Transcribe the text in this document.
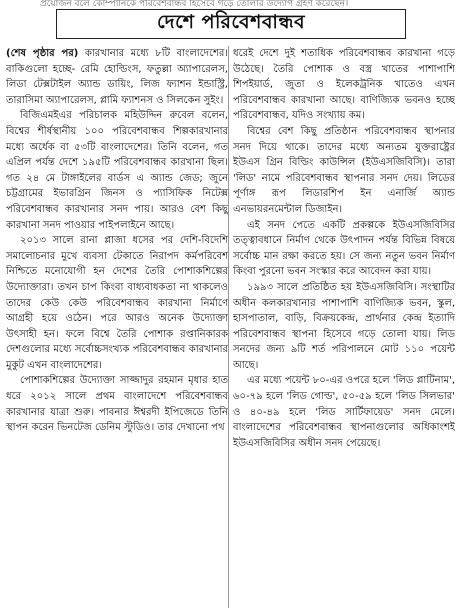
প্রয়োজন বলে কোম্পানিকে পরিবেশবান্ধব হিসেবে গড়ে তোলার উদ্যোগ গ্রহণ করেছেন।
দেশে পরিবেশবান্ধব

(শেষ পৃষ্ঠার পর) কারখানার মধ্যে ৮টি বাংলাদেশের। বাকিগুলো হচ্ছে- রেমি হোল্ডিংস, ফতুল্লা অ্যাপারেলস, লিডা টেক্সটাইল অ্যান্ড ডায়িং, লিজ ফ্যাশন ইন্ডাস্ট্রি, তারাসিমা অ্যাপারেলস, প্লামি ফ্যাশনস ও সিলকেন সুইং।

বিজিএমইএর পরিচালক মহিউদ্দিন রুবেল বলেন, বিশ্বের শীর্ষস্থানীয় ১০০ পরিবেশবান্ধব শিল্পকারখানার মধ্যে অর্ধেক বা ৫৩টি বাংলাদেশের। তিনি বলেন, গত এপ্রিল পর্যন্ত দেশে ১৯৫টি পরিবেশবান্ধব কারখানা ছিল। গত ২৪ মে টাঙ্গাইলের বার্ডস এ অ্যান্ড জেড; জুনে চট্টগ্রামের ইভারগ্রিন জিনস ও প্যাসিফিক নিটেক্স পরিবেশবান্ধব কারখানার সনদ পায়। আরও বেশ কিছু কারখানা সনদ পাওয়ার পাইপলাইনে আছে।

২০১৩ সালে রানা প্লাজা ধসের পর দেশি-বিদেশি সমালোচনার মুখে ব্যবসা টেকাতে নিরাপদ কর্মপরিবেশ নিশ্চিতে মনোযোগী হন দেশের তৈরি পোশাকশিল্পের উদ্যোক্তারা। তখন চাপ কিংবা বাধ্যবাধকতা না থাকলেও তাদের কেউ কেউ পরিবেশবান্ধব কারখানা নির্মাণে আগ্রহী হয়ে ওঠেন। পরে আরও অনেক উদ্যোক্তা উৎসাহী হন। ফলে বিশ্বে তৈরি পোশাক রপ্তানিকারক দেশগুলোর মধ্যে সর্বোচ্চসংখ্যক পরিবেশবান্ধব কারখানার মুকুট এখন বাংলাদেশের।

পোশাকশিল্পের উদ্যোক্তা সাজ্জাদুর রহমান মৃধার হাত ধরে ২০১২ সালে প্রথম বাংলাদেশে পরিবেশবান্ধব কারখানার যাত্রা শুরু। পাবনার ঈশ্বরদী ইপিজেডে তিনি স্থাপন করেন ভিনটেজ ডেনিম স্টুডিও। তার দেখানো পথ

ধরেই দেশে দুই শতাধিক পরিবেশবান্ধব কারখানা গড়ে উঠেছে। তৈরি পোশাক ও বস্ত্র খাতের পাশাপাশি শিপইয়ার্ড, জুতা ও ইলেকট্রনিক খাতেও এখন পরিবেশবান্ধব কারখানা আছে। বাণিজ্যিক ভবনও হচ্ছে পরিবেশবান্ধব, যদিও সংখ্যায় কম।

বিশ্বের বেশ কিছু প্রতিষ্ঠান পরিবেশবান্ধব স্থাপনার সনদ দিয়ে থাকে। তাদের মধ্যে অন্যতম যুক্তরাষ্ট্রের ইউএস গ্রিন বিল্ডিং কাউন্সিল (ইউএসজিবিসি)। তারা 'লিড' নামে পরিবেশবান্ধব স্থাপনার সনদ দেয়। লিডের পূর্ণাঙ্গ রূপ লিডারশিপ ইন এনার্জি অ্যান্ড এনভায়রনমেন্টাল ডিজাইন।

এই সনদ পেতে একটি প্রকল্পকে ইউএসজিবিসির তত্ত্বাবধানে নির্মাণ থেকে উৎপাদন পর্যন্ত বিভিন্ন বিষয়ে সর্বোচ্চ মান রক্ষা করতে হয়। সে জন্য নতুন ভবন নির্মাণ কিংবা পুরনো ভবন সংস্কার করে আবেদন করা যায়।

১৯৯৩ সালে প্রতিষ্ঠিত হয় ইউএসজিবিসি। সংস্থাটির অধীন কলকারখানার পাশাপাশি বাণিজ্যিক ভবন, স্কুল, হাসপাতাল, বাড়ি, বিক্রয়কেন্দ্র, প্রার্থনার কেন্দ্র ইত্যাদি পরিবেশবান্ধব স্থাপনা হিসেবে গড়ে তোলা যায়। লিড সনদের জন্য ৯টি শর্ত পরিপালনে মোট ১১০ পয়েন্ট আছে।

এর মধ্যে পয়েন্ট ৮০-এর ওপরে হলে 'লিড প্লাটিনাম', ৬০-৭৯ হলে 'লিড গোল্ড', ৫০-৫৯ হলে 'লিড সিলভার' ও ৪০-৪৯ হলে 'লিড সার্টিফায়েড' সনদ মেলে। বাংলাদেশের পরিবেশবান্ধব স্থাপনাগুলোর অধিকাংশই ইউএসজিবিসির অধীন সনদ পেয়েছে।
